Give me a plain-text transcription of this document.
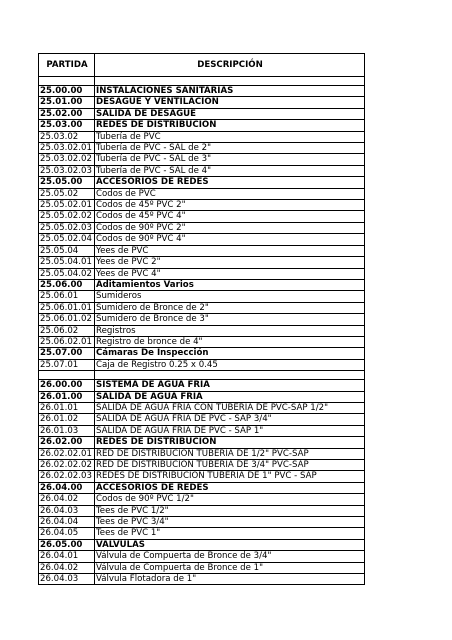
PARTIDA	DESCRIPCIÓN

25.00.00	INSTALACIONES SANITARIAS
25.01.00	DESAGÜE Y VENTILACIÓN
25.02.00	SALIDA DE DESAGÜE
25.03.00	REDES DE DISTRIBUCIÓN
25.03.02	Tubería de PVC
25.03.02.01	Tubería de PVC - SAL de 2"
25.03.02.02	Tubería de PVC - SAL de 3"
25.03.02.03	Tubería de PVC - SAL de 4"
25.05.00	ACCESORIOS DE REDES
25.05.02	Codos de PVC
25.05.02.01	Codos de 45º PVC 2"
25.05.02.02	Codos de 45º PVC 4"
25.05.02.03	Codos de 90º PVC 2"
25.05.02.04	Codos de 90º PVC 4"
25.05.04	Yees de PVC
25.05.04.01	Yees de PVC 2"
25.05.04.02	Yees de PVC 4"
25.06.00	Aditamientos Varios
25.06.01	Sumideros
25.06.01.01	Sumidero de Bronce de 2"
25.06.01.02	Sumidero de Bronce de 3"
25.06.02	Registros
25.06.02.01	Registro de bronce de 4"
25.07.00	Cámaras De Inspección
25.07.01	Caja de Registro 0.25 x 0.45

26.00.00	SISTEMA DE AGUA FRIA
26.01.00	SALIDA DE AGUA FRIA
26.01.01	SALIDA DE AGUA FRIA CON TUBERIA DE PVC-SAP 1/2"
26.01.02	SALIDA DE AGUA FRIA DE PVC - SAP 3/4"
26.01.03	SALIDA DE AGUA FRIA DE PVC - SAP 1"
26.02.00	REDES DE DISTRIBUCION
26.02.02.01	RED DE DISTRIBUCION TUBERIA DE 1/2" PVC-SAP
26.02.02.02	RED DE DISTRIBUCION TUBERIA DE 3/4" PVC-SAP
26.02.02.03	REDES DE DISTRIBUCION TUBERIA DE 1" PVC - SAP
26.04.00	ACCESORIOS DE REDES
26.04.02	Codos de 90º PVC 1/2"
26.04.03	Tees de PVC 1/2"
26.04.04	Tees de PVC 3/4"
26.04.05	Tees de PVC 1"
26.05.00	VALVULAS
26.04.01	Válvula de Compuerta de Bronce de 3/4"
26.04.02	Válvula de Compuerta de Bronce de 1"
26.04.03	Válvula Flotadora de 1"
